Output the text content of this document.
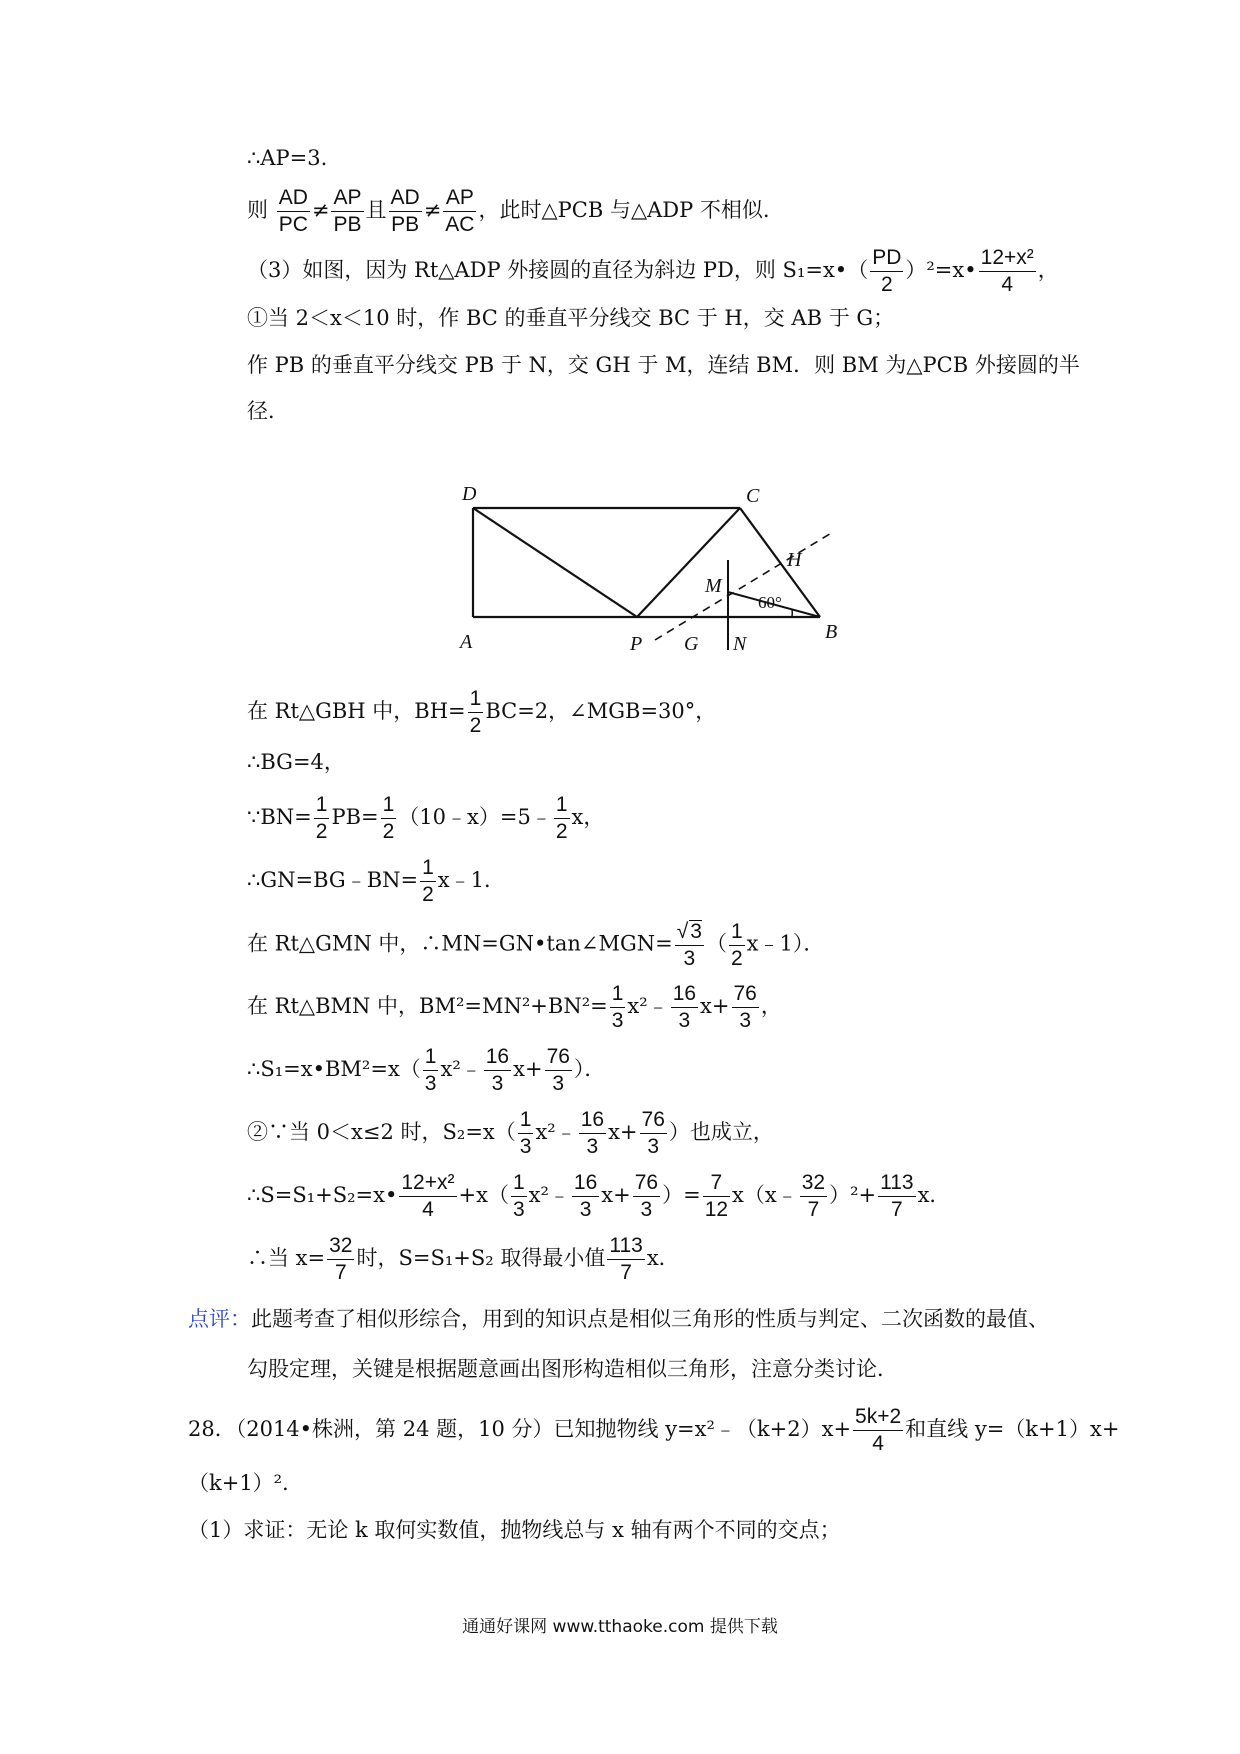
∴AP=3.
则 $\frac{AD}{PC} \ne \frac{AP}{PB}$ 且 $\frac{AD}{PB} \ne \frac{AP}{AC}$ ，此时△PCB 与△ADP 不相似.
（3）如图，因为 Rt△ADP 外接圆的直径为斜边 PD，则 S₁=x•（ $\frac{PD}{2}$ ）²=x• $\frac{\text{12+x²}}{4}$ ，
①当 2＜x＜10 时，作 BC 的垂直平分线交 BC 于 H，交 AB 于 G；
作 PB 的垂直平分线交 PB 于 N，交 GH 于 M，连结 BM．则 BM 为△PCB 外接圆的半
径．
D	C
H
M
60°
B
A	P G N
在 Rt△GBH 中，$BH= \frac{1}{2} BC=2$，∠MGB=30°，
∴BG=4，
∵BN= $\frac{1}{2} PB= \frac{1}{2}$ （10﹣x）=5﹣ $\frac{1}{2}$ x，
∴GN=BG﹣BN= $\frac{1}{2}$ x﹣1．
在 Rt△GMN 中，∴MN=GN•tan∠MGN= $\frac{√3}{3}$ （ $\frac{1}{2}$ x﹣1）．
在 Rt△BMN 中，$BM^2=MN^2+BN^2= \frac{1}{3}$ x²﹣ $\frac{16}{3} x+ \frac{76}{3}$ ，
∴S₁=x•BM²=x（ $\frac{1}{3}$ x²﹣ $\frac{16}{3} x+ \frac{76}{3}$ ）．
②∵当 0＜x≤2 时，$S_2=x( \frac{1}{3}$ x²﹣ $\frac{16}{3} x+ \frac{76}{3}$ ）也成立，
∴S=S₁+S₂=x• $\frac{\text{12+x²}}{4} +x( \frac{1}{3}$ x²﹣ $\frac{16}{3} x+ \frac{76}{3}$ ）= $\frac{7}{12}$ x（x﹣ $\frac{32}{7} )^2+ \frac{113}{7}$ x．
∴当 $x= \frac{32}{7}$ 时，S=S₁+S₂ 取得最小值 $\frac{113}{7}$ x．
点评：此题考查了相似形综合，用到的知识点是相似三角形的性质与判定、二次函数的最值、
勾股定理，关键是根据题意画出图形构造相似三角形，注意分类讨论．
28．（2014•株洲，第 24 题，10 分）已知抛物线 y=x²﹣（k+2）x+ $\frac{5k+2}{4}$ 和直线 y=（k+1）x+
（k+1）²．
（1）求证：无论 k 取何实数值，抛物线总与 x 轴有两个不同的交点；
通通好课网 www.tthaoke.com 提供下载
